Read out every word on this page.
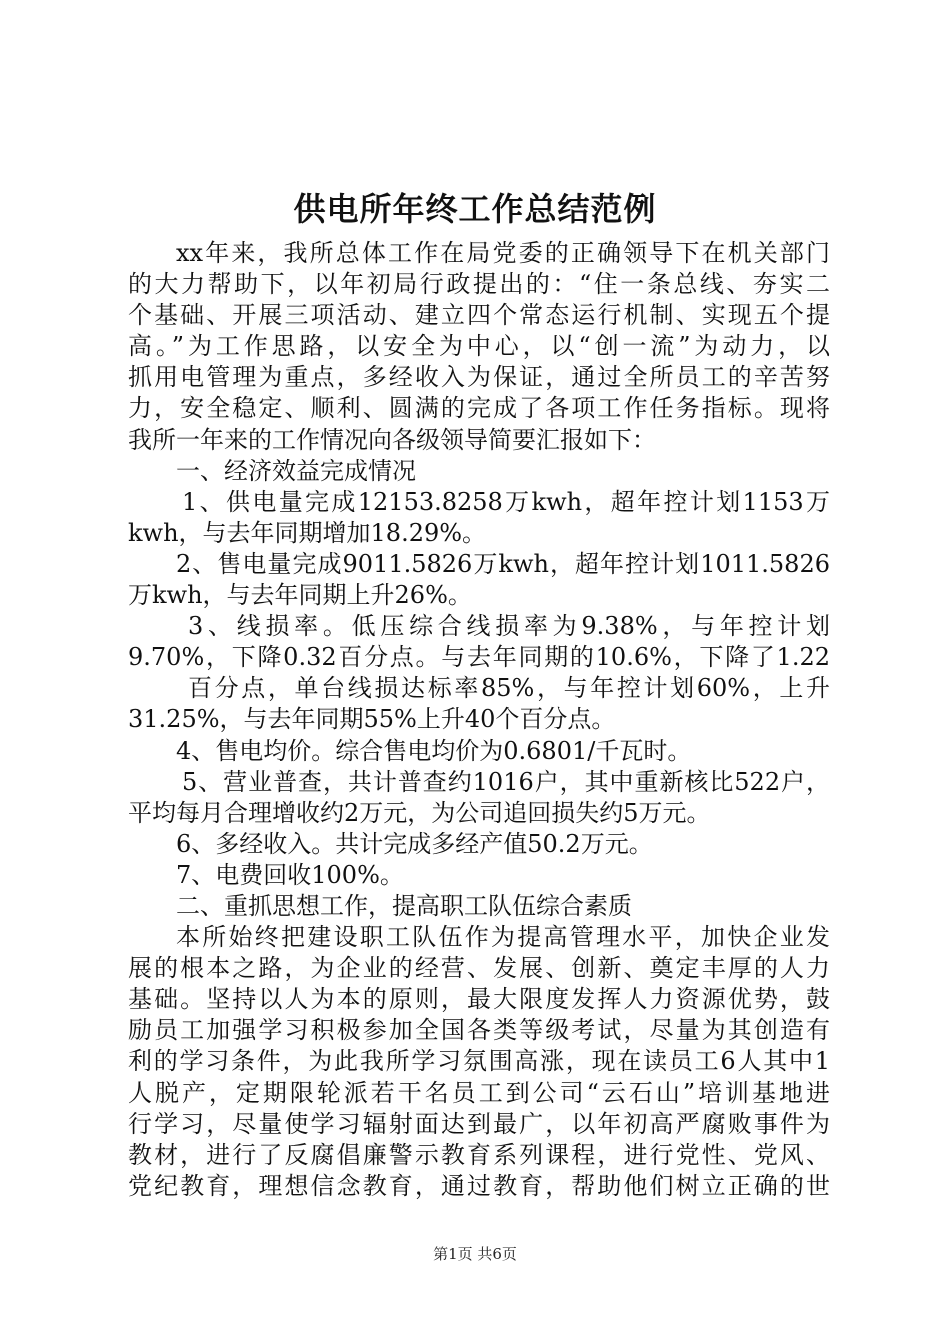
供电所年终工作总结范例
xx年来，我所总体工作在局党委的正确领导下在机关部门
的大力帮助下，以年初局行政提出的：“住一条总线、夯实二
个基础、开展三项活动、建立四个常态运行机制、实现五个提
高。”为工作思路，以安全为中心，以“创一流”为动力，以
抓用电管理为重点，多经收入为保证，通过全所员工的辛苦努
力，安全稳定、顺利、圆满的完成了各项工作任务指标。现将
我所一年来的工作情况向各级领导简要汇报如下：
一、经济效益完成情况
1、供电量完成12153.8258万kwh，超年控计划1153万
kwh，与去年同期增加18.29%。
2、售电量完成9011.5826万kwh，超年控计划1011.5826
万kwh，与去年同期上升26%。
3、线损率。低压综合线损率为9.38%，与年控计划
9.70%，下降0.32百分点。与去年同期的10.6%，下降了1.22
百分点，单台线损达标率85%，与年控计划60%，上升
31.25%，与去年同期55%上升40个百分点。
4、售电均价。综合售电均价为0.6801/千瓦时。
5、营业普查，共计普查约1016户，其中重新核比522户，
平均每月合理增收约2万元，为公司追回损失约5万元。
6、多经收入。共计完成多经产值50.2万元。
7、电费回收100%。
二、重抓思想工作，提高职工队伍综合素质
本所始终把建设职工队伍作为提高管理水平，加快企业发
展的根本之路，为企业的经营、发展、创新、奠定丰厚的人力
基础。坚持以人为本的原则，最大限度发挥人力资源优势，鼓
励员工加强学习积极参加全国各类等级考试，尽量为其创造有
利的学习条件，为此我所学习氛围高涨，现在读员工6人其中1
人脱产，定期限轮派若干名员工到公司“云石山”培训基地进
行学习，尽量使学习辐射面达到最广，以年初高严腐败事件为
教材，进行了反腐倡廉警示教育系列课程，进行党性、党风、
党纪教育，理想信念教育，通过教育，帮助他们树立正确的世
第1页 共6页
